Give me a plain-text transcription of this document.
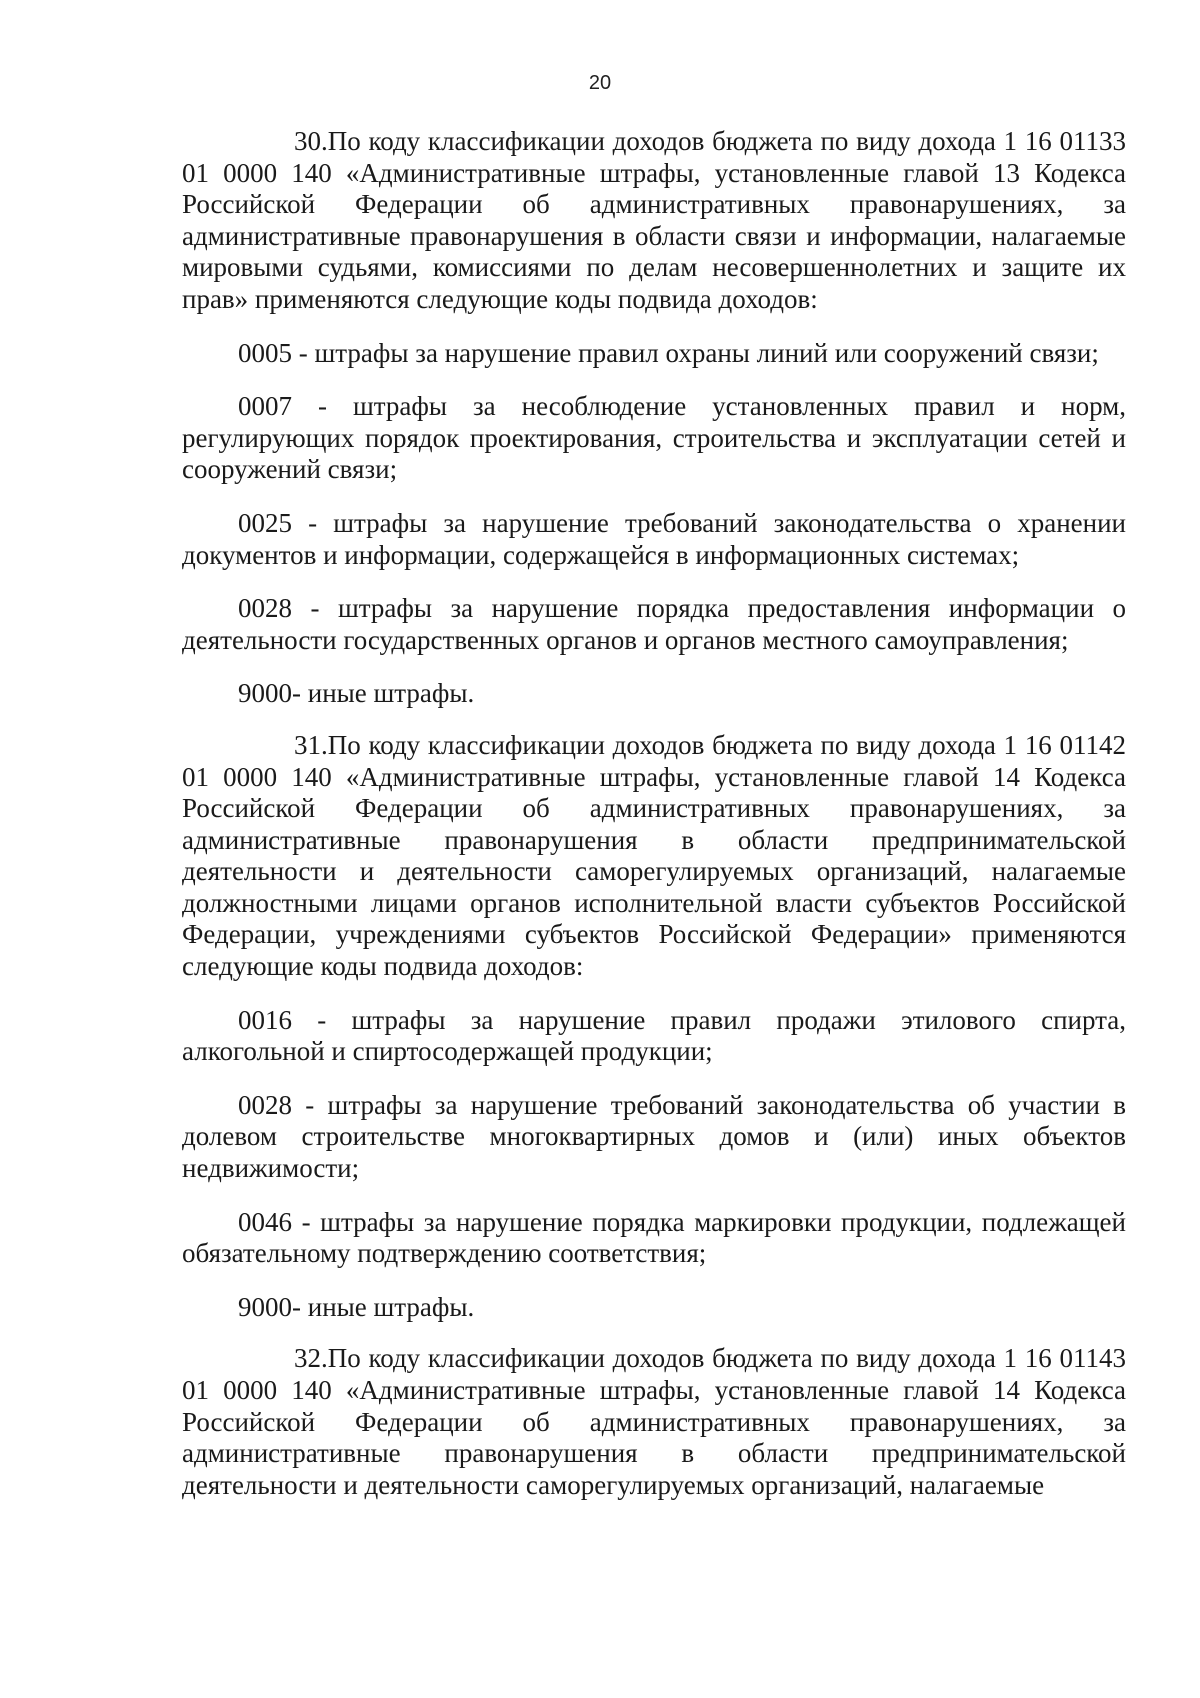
20

30.По коду классификации доходов бюджета по виду дохода 1 16 01133 01 0000 140 «Административные штрафы, установленные главой 13 Кодекса Российской Федерации об административных правонарушениях, за административные правонарушения в области связи и информации, налагаемые мировыми судьями, комиссиями по делам несовершеннолетних и защите их прав» применяются следующие коды подвида доходов:

0005 - штрафы за нарушение правил охраны линий или сооружений связи;

0007 - штрафы за несоблюдение установленных правил и норм, регулирующих порядок проектирования, строительства и эксплуатации сетей и сооружений связи;

0025 - штрафы за нарушение требований законодательства о хранении документов и информации, содержащейся в информационных системах;

0028 - штрафы за нарушение порядка предоставления информации о деятельности государственных органов и органов местного самоуправления;

9000- иные штрафы.

31.По коду классификации доходов бюджета по виду дохода 1 16 01142 01 0000 140 «Административные штрафы, установленные главой 14 Кодекса Российской Федерации об административных правонарушениях, за административные правонарушения в области предпринимательской деятельности и деятельности саморегулируемых организаций, налагаемые должностными лицами органов исполнительной власти субъектов Российской Федерации, учреждениями субъектов Российской Федерации» применяются следующие коды подвида доходов:

0016 - штрафы за нарушение правил продажи этилового спирта, алкогольной и спиртосодержащей продукции;

0028 - штрафы за нарушение требований законодательства об участии в долевом строительстве многоквартирных домов и (или) иных объектов недвижимости;

0046 - штрафы за нарушение порядка маркировки продукции, подлежащей обязательному подтверждению соответствия;

9000- иные штрафы.

32.По коду классификации доходов бюджета по виду дохода 1 16 01143 01 0000 140 «Административные штрафы, установленные главой 14 Кодекса Российской Федерации об административных правонарушениях, за административные правонарушения в области предпринимательской деятельности и деятельности саморегулируемых организаций, налагаемые
